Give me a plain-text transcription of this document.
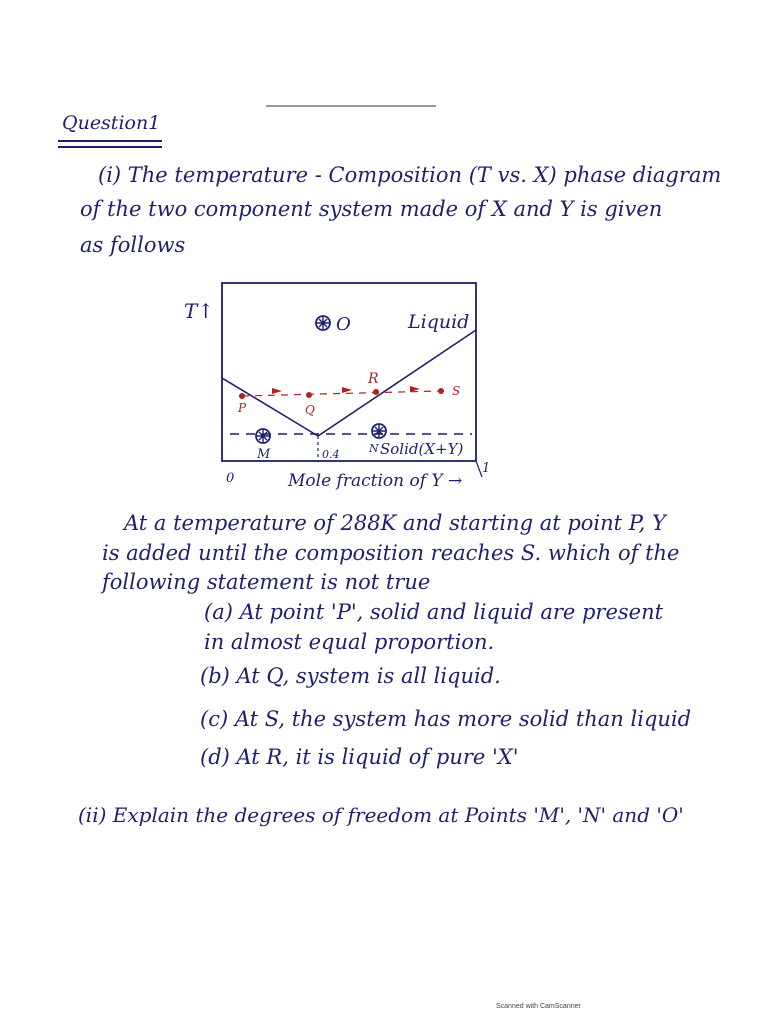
Question1
(i) The temperature - Composition (T vs. X) phase diagram
of the two component system made of X and Y is given
as follows
T↑
P	Q
R
S
O	Liquid
M	N Solid(X+Y)
0.4
0
1
Mole fraction of Y →
At a temperature of 288K and starting at point P, Y
is added until the composition reaches S. which of the
following statement is not true
(a) At point 'P', solid and liquid are present
in almost equal proportion.
(b) At Q, system is all liquid.
(c) At S, the system has more solid than liquid
(d) At R, it is liquid of pure 'X'
(ii) Explain the degrees of freedom at Points 'M', 'N' and 'O'
Scanned with CamScanner
